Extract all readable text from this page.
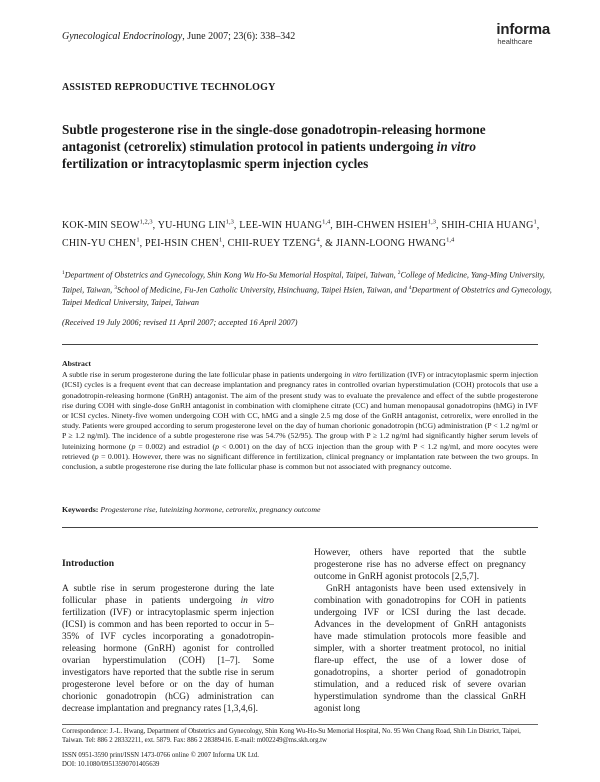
Gynecological Endocrinology, June 2007; 23(6): 338–342	informa
healthcare
ASSISTED REPRODUCTIVE TECHNOLOGY
Subtle progesterone rise in the single-dose gonadotropin-releasing hormone antagonist (cetrorelix) stimulation protocol in patients undergoing in vitro fertilization or intracytoplasmic sperm injection cycles
KOK-MIN SEOW$^{1,2,3}$, YU-HUNG LIN$^{1,3}$, LEE-WIN HUANG$^{1,4}$, BIH-CHWEN HSIEH$^{1,3}$, SHIH-CHIA HUANG$^1$, CHIN-YU CHEN$^1$, PEI-HSIN CHEN$^1$, CHII-RUEY TZENG$^4$, & JIANN-LOONG HWANG$^{1,4}$
$^1$Department of Obstetrics and Gynecology, Shin Kong Wu Ho-Su Memorial Hospital, Taipei, Taiwan, $^2$College of Medicine, Yang-Ming University, Taipei, Taiwan, $^3$School of Medicine, Fu-Jen Catholic University, Hsinchuang, Taipei Hsien, Taiwan, and $^4$Department of Obstetrics and Gynecology, Taipei Medical University, Taipei, Taiwan
(Received 19 July 2006; revised 11 April 2007; accepted 16 April 2007)
Abstract
A subtle rise in serum progesterone during the late follicular phase in patients undergoing in vitro fertilization (IVF) or intracytoplasmic sperm injection (ICSI) cycles is a frequent event that can decrease implantation and pregnancy rates in controlled ovarian hyperstimulation (COH) protocols that use a gonadotropin-releasing hormone (GnRH) antagonist. The aim of the present study was to evaluate the prevalence and effect of the subtle progesterone rise during COH with single-dose GnRH antagonist in combination with clomiphene citrate (CC) and human menopausal gonadotropins (hMG) in IVF or ICSI cycles. Ninety-five women undergoing COH with CC, hMG and a single 2.5 mg dose of the GnRH antagonist, cetrorelix, were enrolled in the study. Patients were grouped according to serum progesterone level on the day of human chorionic gonadotropin (hCG) administration (P < 1.2 ng/ml or P ≥ 1.2 ng/ml). The incidence of a subtle progesterone rise was 54.7% (52/95). The group with P ≥ 1.2 ng/ml had significantly higher serum levels of luteinizing hormone (p = 0.002) and estradiol (p < 0.001) on the day of hCG injection than the group with P < 1.2 ng/ml, and more oocytes were retrieved (p = 0.001). However, there was no significant difference in fertilization, clinical pregnancy or implantation rate between the two groups. In conclusion, a subtle progesterone rise during the late follicular phase is common but not associated with pregnancy outcome.
Keywords: Progesterone rise, luteinizing hormone, cetrorelix, pregnancy outcome
Introduction

A subtle rise in serum progesterone during the late follicular phase in patients undergoing in vitro fertilization (IVF) or intracytoplasmic sperm injection (ICSI) is common and has been reported to occur in 5–35% of IVF cycles incorporating a gonadotropin-releasing hormone (GnRH) agonist for controlled ovarian hyperstimulation (COH) [1–7]. Some investigators have reported that the subtle rise in serum progesterone level before or on the day of human chorionic gonadotropin (hCG) administration can decrease implantation and pregnancy rates [1,3,4,6].

However, others have reported that the subtle progesterone rise has no adverse effect on pregnancy outcome in GnRH agonist protocols [2,5,7].

GnRH antagonists have been used extensively in combination with gonadotropins for COH in patients undergoing IVF or ICSI during the last decade. Advances in the development of GnRH antagonists have made stimulation protocols more feasible and simpler, with a shorter treatment protocol, no initial flare-up effect, the use of a lower dose of gonadotropins, a shorter period of gonadotropin stimulation, and a reduced risk of severe ovarian hyperstimulation syndrome than the classical GnRH agonist long

Correspondence: J.-L. Hwang, Department of Obstetrics and Gynecology, Shin Kong Wu-Ho-Su Memorial Hospital, No. 95 Wen Chang Road, Shih Lin District, Taipei, Taiwan. Tel: 886 2 28332211, ext. 5879. Fax: 886 2 28389416. E-mail: m002249@ms.skh.org.tw

ISSN 0951-3590 print/ISSN 1473-0766 online © 2007 Informa UK Ltd.
DOI: 10.1080/09513590701405639
